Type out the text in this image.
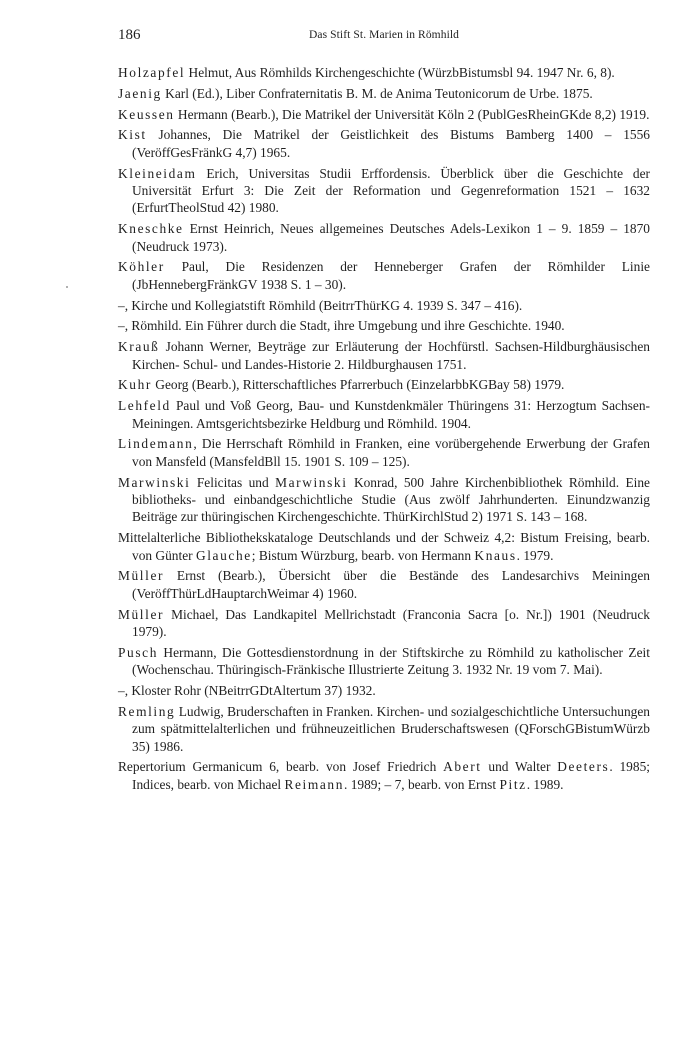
186	Das Stift St. Marien in Römhild

Holzapfel Helmut, Aus Römhilds Kirchengeschichte (WürzbBistumsbl 94. 1947 Nr. 6, 8).

Jaenig Karl (Ed.), Liber Confraternitatis B. M. de Anima Teutonicorum de Urbe. 1875.

Keussen Hermann (Bearb.), Die Matrikel der Universität Köln 2 (PublGesRheinGKde 8,2) 1919.

Kist Johannes, Die Matrikel der Geistlichkeit des Bistums Bamberg 1400 – 1556 (VeröffGesFränkG 4,7) 1965.

Kleineidam Erich, Universitas Studii Erffordensis. Überblick über die Geschichte der Universität Erfurt 3: Die Zeit der Reformation und Gegenreformation 1521 – 1632 (ErfurtTheolStud 42) 1980.

Kneschke Ernst Heinrich, Neues allgemeines Deutsches Adels-Lexikon 1 – 9. 1859 – 1870 (Neudruck 1973).

Köhler Paul, Die Residenzen der Henneberger Grafen der Römhilder Linie (JbHennebergFränkGV 1938 S. 1 – 30).

–, Kirche und Kollegiatstift Römhild (BeitrrThürKG 4. 1939 S. 347 – 416).

–, Römhild. Ein Führer durch die Stadt, ihre Umgebung und ihre Geschichte. 1940.

Krauß Johann Werner, Beyträge zur Erläuterung der Hochfürstl. Sachsen-Hildburghäusischen Kirchen- Schul- und Landes-Historie 2. Hildburghausen 1751.

Kuhr Georg (Bearb.), Ritterschaftliches Pfarrerbuch (EinzelarbbKGBay 58) 1979.

Lehfeld Paul und Voß Georg, Bau- und Kunstdenkmäler Thüringens 31: Herzogtum Sachsen-Meiningen. Amtsgerichtsbezirke Heldburg und Römhild. 1904.

Lindemann, Die Herrschaft Römhild in Franken, eine vorübergehende Erwerbung der Grafen von Mansfeld (MansfeldBll 15. 1901 S. 109 – 125).

Marwinski Felicitas und Marwinski Konrad, 500 Jahre Kirchenbibliothek Römhild. Eine bibliotheks- und einbandgeschichtliche Studie (Aus zwölf Jahrhunderten. Einundzwanzig Beiträge zur thüringischen Kirchengeschichte. ThürKirchlStud 2) 1971 S. 143 – 168.

Mittelalterliche Bibliothekskataloge Deutschlands und der Schweiz 4,2: Bistum Freising, bearb. von Günter Glauche; Bistum Würzburg, bearb. von Hermann Knaus. 1979.

Müller Ernst (Bearb.), Übersicht über die Bestände des Landesarchivs Meiningen (VeröffThürLdHauptarchWeimar 4) 1960.

Müller Michael, Das Landkapitel Mellrichstadt (Franconia Sacra [o. Nr.]) 1901 (Neudruck 1979).

Pusch Hermann, Die Gottesdienstordnung in der Stiftskirche zu Römhild zu katholischer Zeit (Wochenschau. Thüringisch-Fränkische Illustrierte Zeitung 3. 1932 Nr. 19 vom 7. Mai).

–, Kloster Rohr (NBeitrrGDtAltertum 37) 1932.

Remling Ludwig, Bruderschaften in Franken. Kirchen- und sozialgeschichtliche Untersuchungen zum spätmittelalterlichen und frühneuzeitlichen Bruderschaftswesen (QForschGBistumWürzb 35) 1986.

Repertorium Germanicum 6, bearb. von Josef Friedrich Abert und Walter Deeters. 1985; Indices, bearb. von Michael Reimann. 1989; – 7, bearb. von Ernst Pitz. 1989.
